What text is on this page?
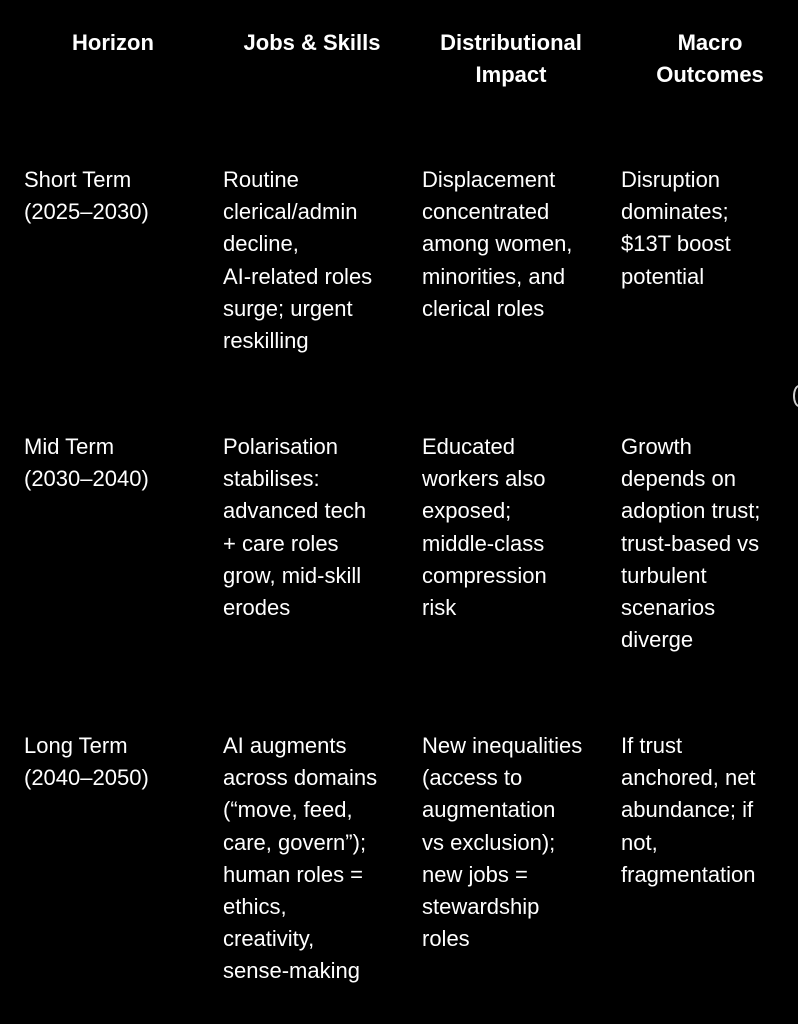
Horizon	Jobs & Skills	Distributional
Impact
Macro
Outcomes
Short Term
(2025–2030)
Routine
clerical/admin
decline,
AI-related roles
surge; urgent
reskilling
Displacement
concentrated
among women,
minorities, and
clerical roles
Disruption
dominates;
$13T boost
potential
Mid Term
(2030–2040)
Polarisation
stabilises:
advanced tech
+ care roles
grow, mid-skill
erodes
Educated
workers also
exposed;
middle-class
compression
risk
Growth
depends on
adoption trust;
trust-based vs
turbulent
scenarios
diverge
Long Term
(2040–2050)
AI augments
across domains
(“move, feed,
care, govern”);
human roles =
ethics,
creativity,
sense-making
New inequalities
(access to
augmentation
vs exclusion);
new jobs =
stewardship
roles
If trust
anchored, net
abundance; if
not,
fragmentation
